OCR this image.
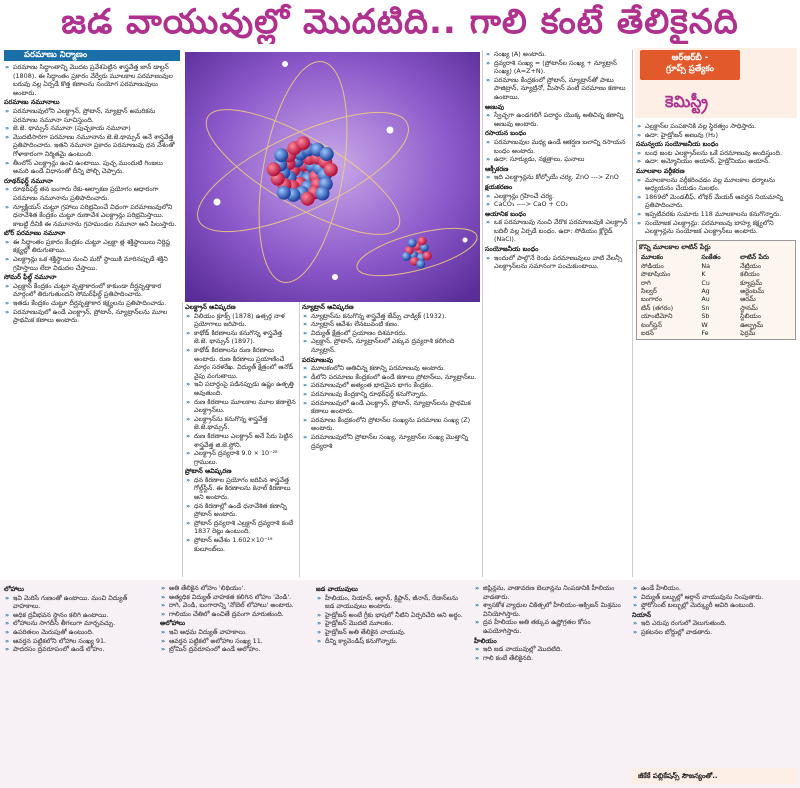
జడ వాయువుల్లో మొదటిది.. గాలి కంటే తేలికైనది
పరమాణు నిర్మాణం
» పరమాణు సిద్ధాంతాన్ని మొదట ప్రవేశపెట్టిన శాస్త్రవేత్త జాన్ డాల్టన్ (1808). ఈ సిద్ధాంతం ప్రకారం వేర్వేరు మూలకాల పరమాణువుల బరువు వల్ల ఏర్పడే కొత్త కణాలను సంయోగ పరమాణువులు అంటారు.
పరమాణు నమూనాలు
» పరమాణువులోని ఎలక్ట్రాన్, ప్రోటాన్, న్యూట్రాన్ అమరికను పరమాణు నమూనా సూచిస్తుంది.
» జె.జె. థామ్సన్ నమూనా (పుచ్చకాయ నమూనా)
» మొదటిసారిగా పరమాణు నమూనాను జె.జె.థామ్సన్ అనే శాస్త్రవేత్త ప్రతిపాదించారు. ఇతని నమూనా ప్రకారం పరమాణువు ధన వేశంతో గోళాకారంగా నిర్మితమై ఉంటుంది.
» తీంలోన్ ఎలక్ట్రాన్లు ఉంచి ఉంటాయి. పుచ్చ ముందుటి గింజలు అమరి ఉండే విధానంతో దీన్ని పోల్చి చెప్పారు.
రూథర్‌ఫర్డ్ నమూనా
» రూథర్‌ఫర్డ్ తన బంగారు రేకు-ఆల్ఫాకణ ప్రయోగం ఆధారంగా పరమాణు నమూనాను ప్రతిపాదించారు.
» న్యూక్లియస్ చుట్టూ గ్రహాలు పరిభ్రమించే విధంగా పరమాణువులోని ధనావేశిత కేంద్రకం చుట్టూ రుణావేశ ఎలక్ట్రాన్లు పరిభ్రమిస్తాయి. కాబట్టి దీనికి ఈ నమూనాను గ్రహమండల నమూనా అని పిలుస్తారు.
బోర్ పరమాణు నమూనా
» ఈ సిద్ధాంతం ప్రకారం కేంద్రకం చుట్టూ ఎల్రక్టా త్ల శక్తిస్థాయిలు నిర్దిష్ట కక్ష్యల్లో తిరుగుతాయి.
» ఎలక్ట్రాన్లు ఒక శక్తిస్థాయి నుంచి మరో స్థాయికి మారినప్పుడే శక్తిని గ్రహిస్తాయి లేదా విడుదల చేస్తాయి.
సోమర్ ఫీల్డ్ నమూనా
» ఎల్రక్టాన్ కేంద్రకం చుట్టూ వృత్తాకారంలో కాకుండా దీర్ఘవృత్తాకార మార్గంలో తిరుగుతుందని సోమర్‌ఫీల్డ్ ప్రతిపాదించారు.
» ఇతడు కేంద్రకం చుట్టూ దీర్ఘవృత్తాకార కక్ష్యలను ప్రతిపాదించాడు.
» పరమాణువులో ఉండే ఎలక్ట్రాన్, ప్రోటాన్, న్యూట్రాన్‌లను మూల ప్రాథమిక కణాలు అంటారు.
ఎలక్ట్రాన్ ఆవిష్కరణ
» విలియం క్రూక్స్ (1878) ఉత్సర్గ నాళ ప్రయోగాలు జరిపారు.
» కాథోడ్ కిరణాలను కనుగొన్న శాస్త్రవేత్త జె.జె. థామ్సన్ (1897).
» కాథోడ్ కిరణాలను రుణ కిరణాలు అంటారు. రుణ కిరణాలు ప్రయాణించే మార్గం సరళరేఖ. విద్యుత్ క్షేత్రంలో ఆనోడ్ వైపు వంగుతాయి.
» ఇవి పదార్థంపై పడినప్పుడు ఉష్ణం ఉత్పత్తి అవుతుంది.
» రుణ కిరణాలు మూలకాల మూల కణాలైన ఎలక్ట్రాన్‌లు.
» ఎలక్ట్రాన్‌ను కనుగొన్న శాస్త్రవేత్త జె.జె.థామ్సన్.
» రుణ కిరణాలు ఎలక్ట్రాన్ అనే పేరు పెట్టిన శాస్త్రవేత్త జి.జె.స్టోని.
» ఎలక్ట్రాన్ ద్రవ్యరాశి 9.0 × 10⁻²⁸ గ్రాములు.
ప్రోటాన్ ఆవిష్కరణ
» ధన కిరణాల ప్రయోగం జరిపిన శాస్త్రవేత్త గోల్డ్‌స్టీన్. ఈ కిరణాలను కెనాల్ కిరణాలు అని అంటారు.
» ధన కిరణాల్లో ఉండే ధనావేశిత కణాన్ని ప్రోటాన్ అంటారు.
» ప్రోటాన్ ద్రవ్యరాశి ఎల్రక్టాన్ ద్రవ్యరాశి కంటే 1837 రెట్లు ఉంటుంది.
» ప్రోటాన్ ఆవేశం 1.602×10⁻¹⁹ కులూంబ్‌లు.
న్యూట్రాన్ ఆవిష్కరణ
» న్యూట్రాన్‌ను కనుగొన్న శాస్త్రవేత్త జేమ్స్ చాడ్విక్ (1932).
» న్యూట్రాన్ ఆవేశం లేనటువంటి కణం.
» విద్యుత్ క్షేత్రంలో ప్రయాణం దిశమారదు.
» ఎల్రక్టాన్, ప్రోటాన్, న్యూట్రాన్‌లలో ఎక్కువ ద్రవ్యరాశి కలిగింది న్యూట్రాన్.
పరమాణువు
» మూలకంలోని అతిచిన్న కణాన్ని పరమాణువు అంటారు.
» డీలోని పరమాణు కేంద్రకంలో ఉండే కణాలు ప్రోటాన్‌లు, న్యూట్రాన్‌లు.
» పరమాణువులో అత్యంత భారమైన భాగం కేంద్రకం.
» పరమాణువు కేంద్రకాన్ని రూథర్‌ఫర్డ్ కనుగొన్నారు.
» పరమాణువులో ఉండే ఎలక్ట్రాన్, ప్రోటాన్, న్యూట్రాన్‌లను ప్రాథమిక కణాలు అంటారు.
» పరమాణు కేంద్రకంలోని ప్రోటాన్‌ల సంఖ్యను పరమాణు సంఖ్య (Z) అంటారు.
» పరమాణువులోని ప్రోటాన్‌ల సంఖ్య, న్యూట్రాన్‌ల సంఖ్య మొత్తాన్ని ద్రవ్యరాశి
» సంఖ్య (A) అంటారు.
» ద్రవ్యరాశి సంఖ్య = (ప్రోటాన్‌ల సంఖ్య + న్యూట్రాన్ సంఖ్య) (A=Z+N).
» పరమాణు కేంద్రకంలో ప్రోటాన్, న్యూట్రాన్‌తో పాటు పాజిట్రాన్, న్యూట్రినో, మీసాన్ వంటి పరమాణు కణాలు ఉంటాయి.
అణువు
» స్వేచ్ఛగా ఉండగలిగే పదార్థం యొక్క అతిచిన్న కణాన్ని అణువు అంటారు.
రసాయన బంధం
» పరమాణువుల మధ్య ఉండే ఆకర్షణ బలాన్ని రసాయన బంధం అంటారు.
» ఉదా: సూర్యుడు, నక్షత్రాలు, ఘనాలు
ఆక్సీకరణ
» ఇది ఎలక్ట్రాన్లను కోల్పోయే చర్య. ZnO ---> ZnO
క్షయకరణం
» ఎలక్ట్రాన్లు గ్రహించే చర్య.
» CaCO₃ ----> CaO + CO₂
అయానిక బంధం
» ఒక పరమాణువు నుంచి వేరొక పరమాణువుకి ఎలక్ట్రాన్ బదిలీ వల్ల ఏర్పడే బంధం. ఉదా: సోడియం క్లోరైడ్ (NaCl).
సంయోజనీయ బంధం
» ఇందులో పాల్గొనే రెండు పరమాణువులు వాటి వేలన్సీ ఎలక్ట్రాన్‌లను సమానంగా పంచుకుంటాయి.
ఆర్‌ఆర్‌బీ -
గ్రూప్స్ ప్రత్యేకం
కెమిస్ట్రీ
» ఎల్రక్టాన్‌ల పంపకానికి వల్ల స్థిరత్వం సాధిస్తారు.
» ఉదా: హైడ్రోజన్ అణువు (H₂)
సమన్వయ సంయోజనీయ బంధం
» బంధ జంట ఎలక్ట్రాన్‌లను ఒకే పరమాణువు అందిస్తుంది.
» ఉదా: అమ్మోనియం అయాన్, హైడ్రోనియం అయాన్.
మూలకాల వర్గీకరణ
» మూలకాలను వర్గీకరించడం వల్ల మూలకాల ధర్మాలను అధ్యయనం చేయడం సులభం.
» 1869లో మెండలీఫ్, లోథర్ మేయర్ ఆవర్తన నియమాన్ని ప్రతిపాదించారు.
» ఇప్పటివరకు సుమారు 118 మూలకాలను కనుగొన్నారు.
» సంయోజక ఎలక్ట్రాన్లు: పరమాణువు బాహ్య కక్ష్యలోని ఎలక్ట్రాన్లను సంయోజక ఎలక్ట్రాన్‌లు అంటారు.
కొన్ని మూలకాల లాటిన్ పేర్లు
మూలకం	సంకేతం	లాటిన్ పేరు
సోడియం	Na	నేట్రియం
పొటాషియం	K	కలియం
రాగి	Cu	క్యూప్రమ్
సిల్వర్	Ag	అర్జెంటమ్
బంగారం	Au	ఆరమ్
టిన్ (తగరం)	Sn	స్టానమ్
యాంటిమోని	Sb	స్టిబియం
టంగ్‌స్టన్	W	ఊల్ఫ్రమ్
ఐరన్	Fe	ఫెర్రమ్
లోహాలు
» ఇవి మెరిసే గుణంతో ఉంటాయి. మంచి విద్యుత్ వాహకాలు.
» అధిక ద్రవీభవన స్థానం కలిగి ఉంటాయి.
» లోహాలను సాగదీసి తీగలుగా మార్చవచ్చు.
» ఉపరితలం మెరుపుతో ఉంటుంది.
» ఆవర్తన పట్టికలోని లోహాల సంఖ్య 91.
» పాదరసం ద్రవరూపంలో ఉండే లోహం.
» అతి తేలికైన లోహం 'లిథియం'.
» అత్యధిక విద్యుత్ వాహకత కలిగిన లోహం 'వెండి'.
» రాగి, వెండి, బంగారాన్ని 'నోబెల్ లోహాలు' అంటారు.
» గాలియం చేతిలో ఉంచితే ద్రవంగా మారుతుంది.
అలోహాలు
» ఇవి అధమ విద్యుత్ వాహకాలు.
» ఆవర్తన పట్టికలో అలోహాల సంఖ్య 11.
» బ్రోమిన్ ద్రవరూపంలో ఉండే అలోహం.
జడ వాయువులు
» హీలియం, నియాన్, ఆర్గాన్, క్రిప్టాన్, జీనాన్, రేడాన్‌లను జడ వాయువులు అంటారు.
» హైడ్రోజన్ అంటే గ్రీకు భాషలో నీటిని ఏర్పరిచేది అని అర్థం.
» హైడ్రోజన్ మొదటి మూలకం.
» హైడ్రోజన్ అతి తేలికైన వాయువు.
» దీన్ని క్యావెండిష్ కనుగొన్నారు.
» జిప్లిన్లను, వాతావరణ బెలూన్లను నింపడానికి హీలియం వాడతారు.
» శ్వాసకోశ వ్యాధుల చికిత్సలో హీలియం-ఆక్సిజన్ మిశ్రమం వినియోగిస్తారు.
» ద్రవ హీలియం అతి తక్కువ ఉష్ణోగ్రతల కోసం ఉపయోగిస్తారు.
హీలియం
» ఇది జడ వాయువుల్లో మొదటిది.
» గాలి కంటే తేలికైనది.
» ఉండే హీలియం.
» విద్యుత్ బల్బుల్లో ఆర్గాన్ వాయువును నింపుతారు.
» ఫ్లోరోసెంట్ బల్బుల్లో మెర్క్యురీ ఆవిరి ఉంటుంది.
నియాన్
» ఇది ఎరుపు రంగులో వెలుగుతుంది.
» ప్రకటనల బోర్డుల్లో వాడతారు.
జీకేకే పబ్లికేషన్స్ సౌజన్యంతో..
